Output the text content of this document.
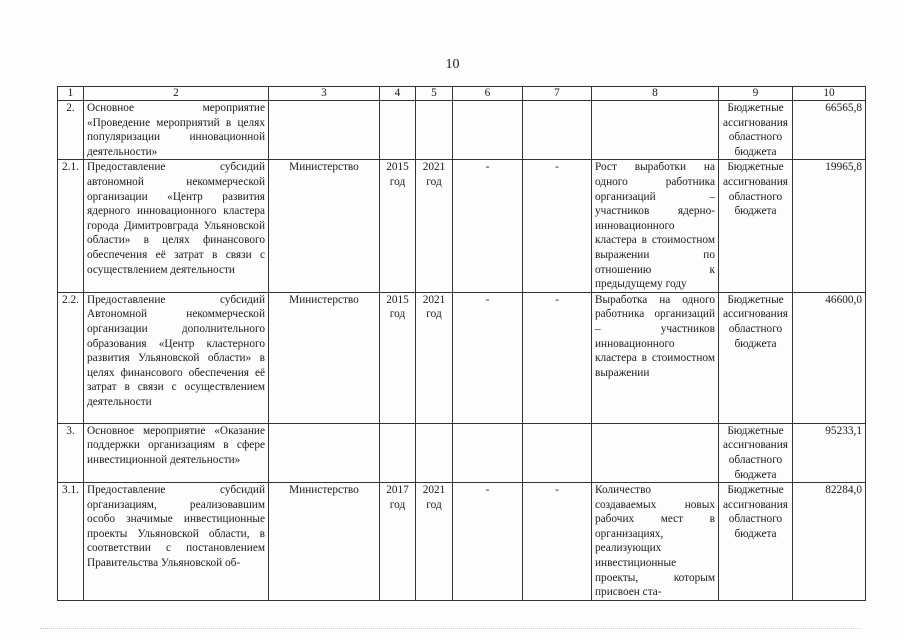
10
1	2	3	4	5	6	7	8	9	10
2.	Основное мероприятие «Проведение мероприятий в целях популяризации инновационной деятельности»							Бюджетные ассигнования областного бюджета	66565,8
2.1.	Предоставление субсидий автономной некоммерческой организации «Центр развития ядерного инновационного кластера города Димитровграда Ульяновской области» в целях финансового обеспечения её затрат в связи с осуществлением деятельности	Министерство	2015 год	2021 год	-	-	Рост выработки на одного работника организаций – участников ядерно-инновационного кластера в стоимостном выражении по отношению к предыдущему году	Бюджетные ассигнования областного бюджета	19965,8
2.2.	Предоставление субсидий Автономной некоммерческой организации дополнительного образования «Центр кластерного развития Ульяновской области» в целях финансового обеспечения её затрат в связи с осуществлением деятельности	Министерство	2015 год	2021 год	-	-	Выработка на одного работника организаций – участников инновационного кластера в стоимостном выражении	Бюджетные ассигнования областного бюджета	46600,0
3.	Основное мероприятие «Оказание поддержки организациям в сфере инвестиционной деятельности»							Бюджетные ассигнования областного бюджета	95233,1
3.1.	Предоставление субсидий организациям, реализовавшим особо значимые инвестиционные проекты Ульяновской области, в соответствии с постановлением Правительства Ульяновской об-	Министерство	2017 год	2021 год	-	-	Количество создаваемых новых рабочих мест в организациях, реализующих инвестиционные проекты, которым присвоен ста-	Бюджетные ассигнования областного бюджета	82284,0
